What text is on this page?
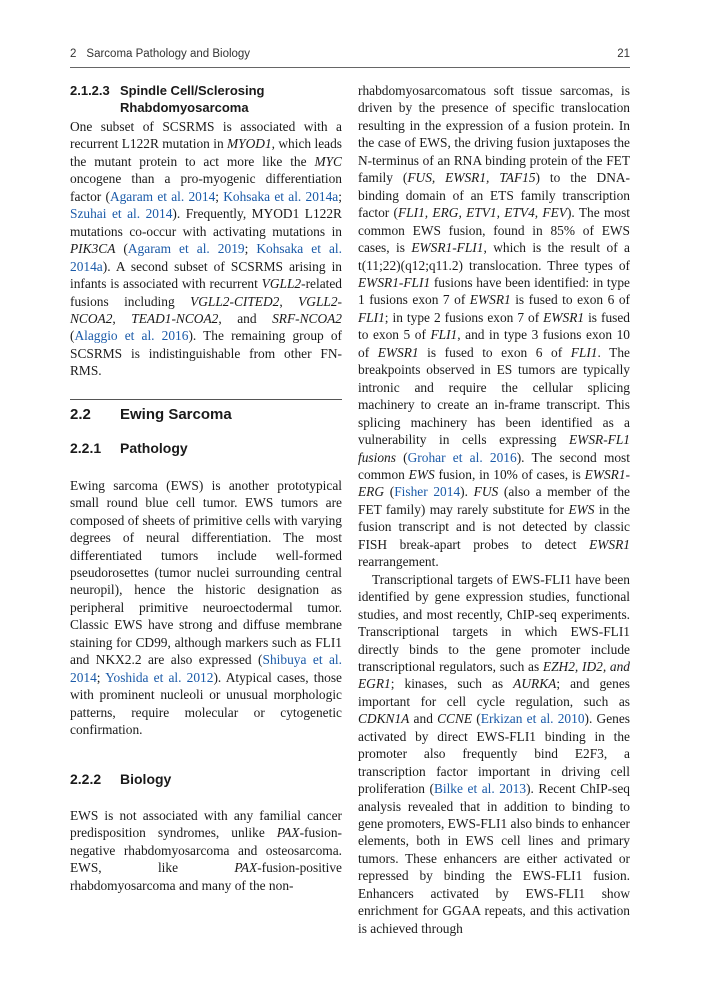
2 Sarcoma Pathology and Biology	21
2.1.2.3 Spindle Cell/Sclerosing
Rhabdomyosarcoma

One subset of SCSRMS is associated with a recurrent L122R mutation in MYOD1, which leads the mutant protein to act more like the MYC oncogene than a pro-myogenic differentiation factor (Agaram et al. 2014; Kohsaka et al. 2014a; Szuhai et al. 2014). Frequently, MYOD1 L122R mutations co-occur with activating mutations in PIK3CA (Agaram et al. 2019; Kohsaka et al. 2014a). A second subset of SCSRMS arising in infants is associated with recurrent VGLL2-related fusions including VGLL2-CITED2, VGLL2-NCOA2, TEAD1-NCOA2, and SRF-NCOA2 (Alaggio et al. 2016). The remaining group of SCSRMS is indistinguishable from other FN-RMS.

2.2	Ewing Sarcoma
2.2.1	Pathology

Ewing sarcoma (EWS) is another prototypical small round blue cell tumor. EWS tumors are composed of sheets of primitive cells with varying degrees of neural differentiation. The most differentiated tumors include well-formed pseudorosettes (tumor nuclei surrounding central neuropil), hence the historic designation as peripheral primitive neuroectodermal tumor. Classic EWS have strong and diffuse membrane staining for CD99, although markers such as FLI1 and NKX2.2 are also expressed (Shibuya et al. 2014; Yoshida et al. 2012). Atypical cases, those with prominent nucleoli or unusual morphologic patterns, require molecular or cytogenetic confirmation.

2.2.2	Biology

EWS is not associated with any familial cancer predisposition syndromes, unlike PAX-fusion-negative rhabdomyosarcoma and osteosarcoma. EWS, like PAX-fusion-positive rhabdomyosarcoma and many of the non-

rhabdomyosarcomatous soft tissue sarcomas, is driven by the presence of specific translocation resulting in the expression of a fusion protein. In the case of EWS, the driving fusion juxtaposes the N-terminus of an RNA binding protein of the FET family (FUS, EWSR1, TAF15) to the DNA-binding domain of an ETS family transcription factor (FLI1, ERG, ETV1, ETV4, FEV). The most common EWS fusion, found in 85% of EWS cases, is EWSR1-FLI1, which is the result of a t(11;22)(q12;q11.2) translocation. Three types of EWSR1-FLI1 fusions have been identified: in type 1 fusions exon 7 of EWSR1 is fused to exon 6 of FLI1; in type 2 fusions exon 7 of EWSR1 is fused to exon 5 of FLI1, and in type 3 fusions exon 10 of EWSR1 is fused to exon 6 of FLI1. The breakpoints observed in ES tumors are typically intronic and require the cellular splicing machinery to create an in-frame transcript. This splicing machinery has been identified as a vulnerability in cells expressing EWSR-FL1 fusions (Grohar et al. 2016). The second most common EWS fusion, in 10% of cases, is EWSR1-ERG (Fisher 2014). FUS (also a member of the FET family) may rarely substitute for EWS in the fusion transcript and is not detected by classic FISH break-apart probes to detect EWSR1 rearrangement.

Transcriptional targets of EWS-FLI1 have been identified by gene expression studies, functional studies, and most recently, ChIP-seq experiments. Transcriptional targets in which EWS-FLI1 directly binds to the gene promoter include transcriptional regulators, such as EZH2, ID2, and EGR1; kinases, such as AURKA; and genes important for cell cycle regulation, such as CDKN1A and CCNE (Erkizan et al. 2010). Genes activated by direct EWS-FLI1 binding in the promoter also frequently bind E2F3, a transcription factor important in driving cell proliferation (Bilke et al. 2013). Recent ChIP-seq analysis revealed that in addition to binding to gene promoters, EWS-FLI1 also binds to enhancer elements, both in EWS cell lines and primary tumors. These enhancers are either activated or repressed by binding the EWS-FLI1 fusion. Enhancers activated by EWS-FLI1 show enrichment for GGAA repeats, and this activation is achieved through
